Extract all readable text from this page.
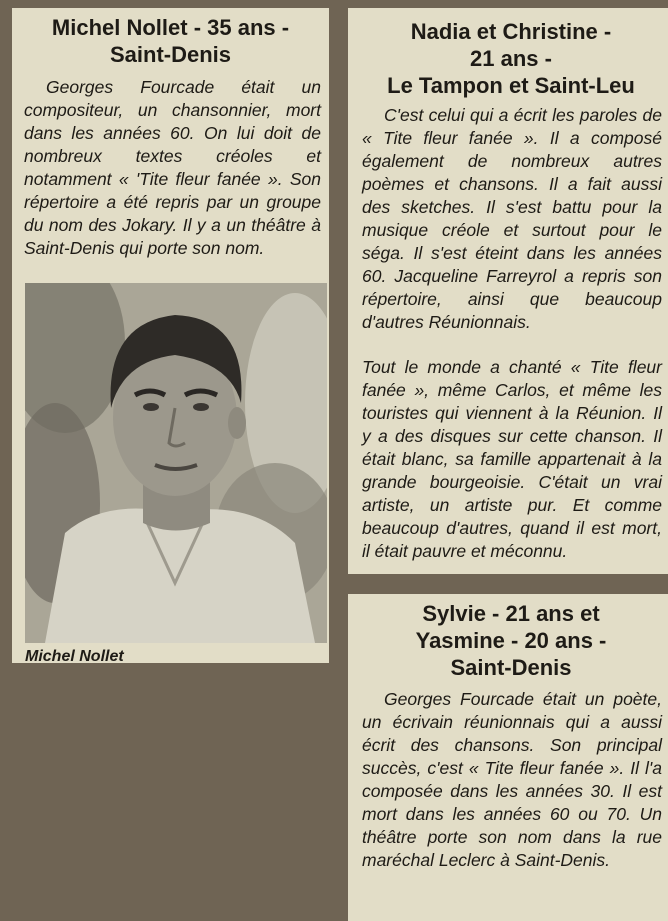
Michel Nollet - 35 ans -
Saint-Denis

Georges Fourcade était un compositeur, un chansonnier, mort dans les années 60. On lui doit de nombreux textes créoles et notamment « 'Tite fleur fanée ». Son répertoire a été repris par un groupe du nom des Jokary. Il y a un théâtre à Saint-Denis qui porte son nom.

Michel Nollet
Nadia et Christine -
21 ans -
Le Tampon et Saint-Leu

C'est celui qui a écrit les paroles de « Tite fleur fanée ». Il a composé également de nombreux autres poèmes et chansons. Il a fait aussi des sketches. Il s'est battu pour la musique créole et surtout pour le séga. Il s'est éteint dans les années 60. Jacqueline Farreyrol a repris son répertoire, ainsi que beaucoup d'autres Réunionnais.

Tout le monde a chanté « Tite fleur fanée », même Carlos, et même les touristes qui viennent à la Réunion. Il y a des disques sur cette chanson. Il était blanc, sa famille appartenait à la grande bourgeoisie. C'était un vrai artiste, un artiste pur. Et comme beaucoup d'autres, quand il est mort, il était pauvre et méconnu.

Sylvie - 21 ans et
Yasmine - 20 ans -
Saint-Denis

Georges Fourcade était un poète, un écrivain réunionnais qui a aussi écrit des chansons. Son principal succès, c'est « Tite fleur fanée ». Il l'a composée dans les années 30. Il est mort dans les années 60 ou 70. Un théâtre porte son nom dans la rue maréchal Leclerc à Saint-Denis.
